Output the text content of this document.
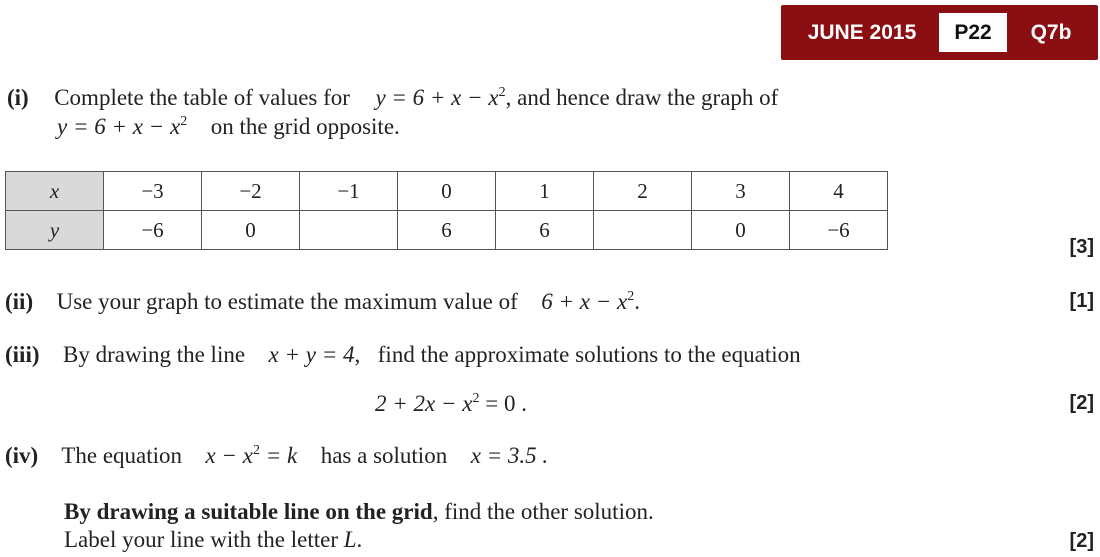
JUNE 2015	P22	Q7b
(i) Complete the table of values for $y = 6 + x - x^2$, and hence draw the graph of
$y = 6 + x - x^2$ on the grid opposite.
x	−3	−2	−1	0	1	2	3	4
y	−6	0		6	6		0	−6
[3]
(ii) Use your graph to estimate the maximum value of $6 + x - x^2$.	[1]
(iii) By drawing the line x + y = 4, find the approximate solutions to the equation
$2 + 2x - x^2 = 0$ .	[2]
(iv) The equation $x - x^2 = k$ has a solution x = 3.5 .
By drawing a suitable line on the grid, find the other solution.
Label your line with the letter L.	[2]
